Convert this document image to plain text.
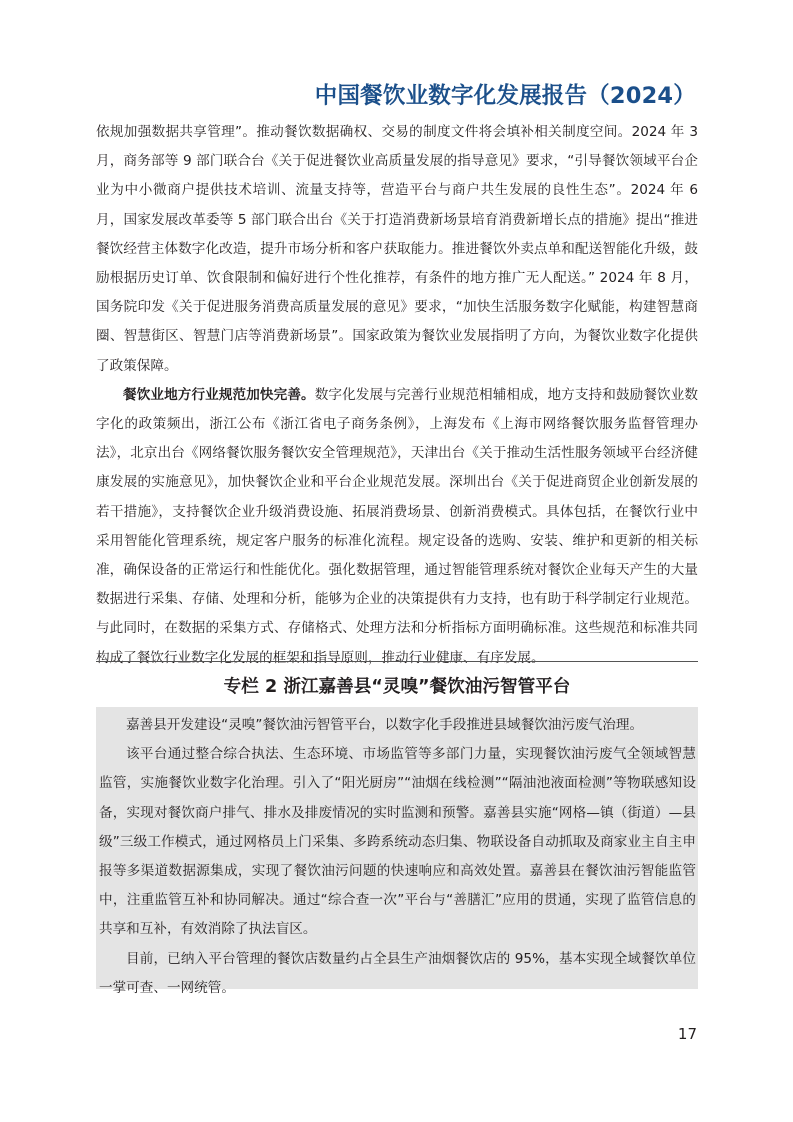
中国餐饮业数字化发展报告（2024）

依规加强数据共享管理”。推动餐饮数据确权、交易的制度文件将会填补相关制度空间。2024 年 3 月，商务部等 9 部门联合台《关于促进餐饮业高质量发展的指导意见》要求，“引导餐饮领域平台企业为中小微商户提供技术培训、流量支持等，营造平台与商户共生发展的良性生态”。2024 年 6 月，国家发展改革委等 5 部门联合出台《关于打造消费新场景培育消费新增长点的措施》提出“推进餐饮经营主体数字化改造，提升市场分析和客户获取能力。推进餐饮外卖点单和配送智能化升级，鼓励根据历史订单、饮食限制和偏好进行个性化推荐，有条件的地方推广无人配送。” 2024 年 8 月，国务院印发《关于促进服务消费高质量发展的意见》要求，“加快生活服务数字化赋能，构建智慧商圈、智慧街区、智慧门店等消费新场景”。国家政策为餐饮业发展指明了方向，为餐饮业数字化提供了政策保障。

餐饮业地方行业规范加快完善。数字化发展与完善行业规范相辅相成，地方支持和鼓励餐饮业数字化的政策频出，浙江公布《浙江省电子商务条例》，上海发布《上海市网络餐饮服务监督管理办法》，北京出台《网络餐饮服务餐饮安全管理规范》，天津出台《关于推动生活性服务领域平台经济健康发展的实施意见》，加快餐饮企业和平台企业规范发展。深圳出台《关于促进商贸企业创新发展的若干措施》，支持餐饮企业升级消费设施、拓展消费场景、创新消费模式。具体包括，在餐饮行业中采用智能化管理系统，规定客户服务的标准化流程。规定设备的选购、安装、维护和更新的相关标准，确保设备的正常运行和性能优化。强化数据管理，通过智能管理系统对餐饮企业每天产生的大量数据进行采集、存储、处理和分析，能够为企业的决策提供有力支持，也有助于科学制定行业规范。与此同时，在数据的采集方式、存储格式、处理方法和分析指标方面明确标准。这些规范和标准共同构成了餐饮行业数字化发展的框架和指导原则，推动行业健康、有序发展。

专栏 2 浙江嘉善县“灵嗅”餐饮油污智管平台

嘉善县开发建设“灵嗅”餐饮油污智管平台，以数字化手段推进县域餐饮油污废气治理。

该平台通过整合综合执法、生态环境、市场监管等多部门力量，实现餐饮油污废气全领域智慧监管，实施餐饮业数字化治理。引入了“阳光厨房”“油烟在线检测”“隔油池液面检测”等物联感知设备，实现对餐饮商户排气、排水及排废情况的实时监测和预警。嘉善县实施“网格—镇（街道）—县级”三级工作模式，通过网格员上门采集、多跨系统动态归集、物联设备自动抓取及商家业主自主申报等多渠道数据源集成，实现了餐饮油污问题的快速响应和高效处置。嘉善县在餐饮油污智能监管中，注重监管互补和协同解决。通过“综合查一次”平台与“善膳汇”应用的贯通，实现了监管信息的共享和互补，有效消除了执法盲区。

目前，已纳入平台管理的餐饮店数量约占全县生产油烟餐饮店的 95%，基本实现全域餐饮单位一掌可查、一网统管。

17
